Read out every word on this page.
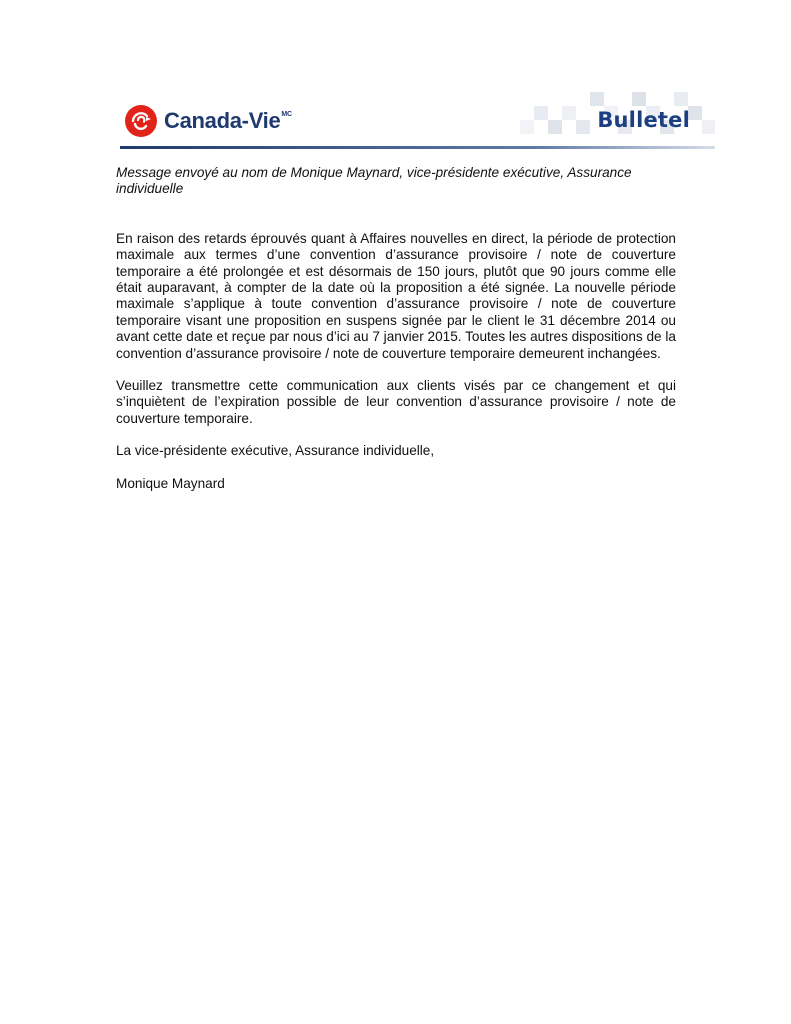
Canada-Vie$^{MC}$	Bulletel

Message envoyé au nom de Monique Maynard, vice-présidente exécutive, Assurance individuelle

En raison des retards éprouvés quant à Affaires nouvelles en direct, la période de protection maximale aux termes d’une convention d’assurance provisoire / note de couverture temporaire a été prolongée et est désormais de 150 jours, plutôt que 90 jours comme elle était auparavant, à compter de la date où la proposition a été signée. La nouvelle période maximale s’applique à toute convention d’assurance provisoire / note de couverture temporaire visant une proposition en suspens signée par le client le 31 décembre 2014 ou avant cette date et reçue par nous d’ici au 7 janvier 2015. Toutes les autres dispositions de la convention d’assurance provisoire / note de couverture temporaire demeurent inchangées.

Veuillez transmettre cette communication aux clients visés par ce changement et qui s’inquiètent de l’expiration possible de leur convention d’assurance provisoire / note de couverture temporaire.

La vice-présidente exécutive, Assurance individuelle,

Monique Maynard
